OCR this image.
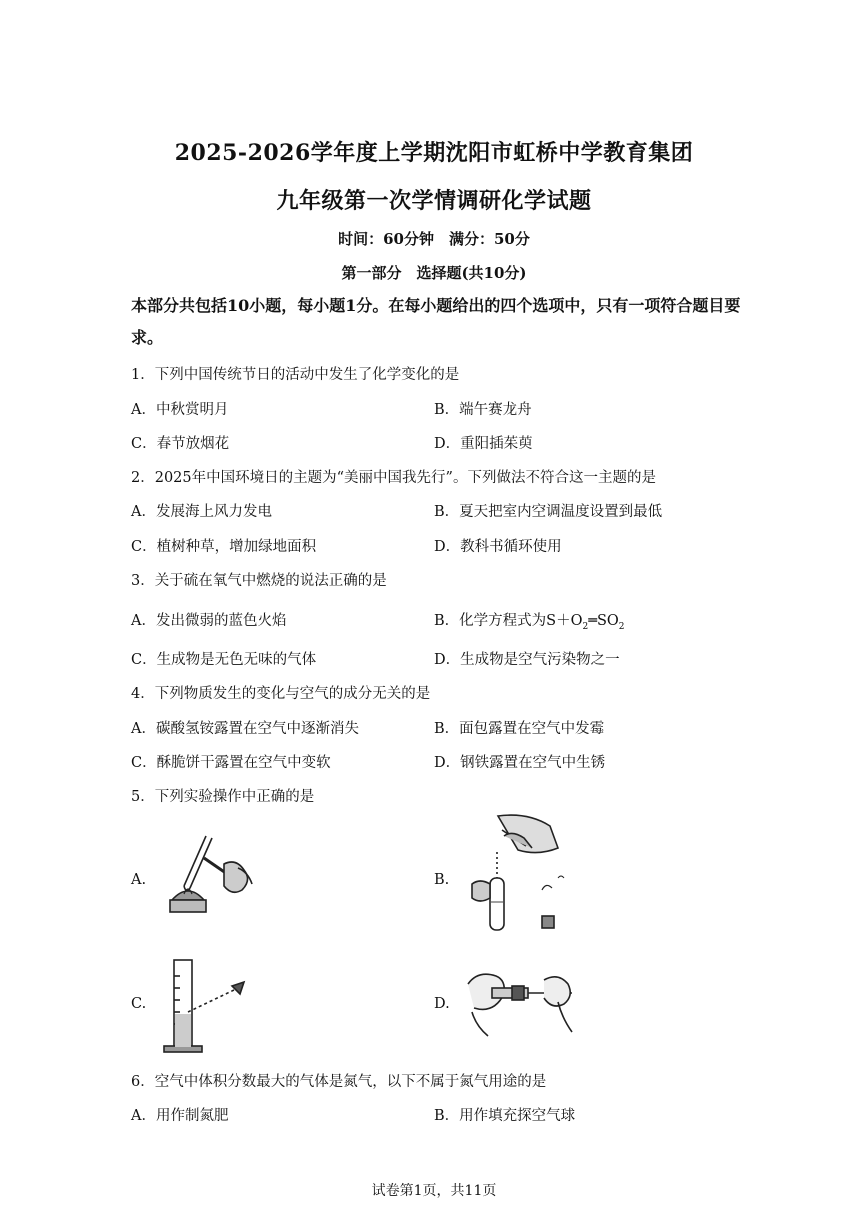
2025-2026学年度上学期沈阳市虹桥中学教育集团
九年级第一次学情调研化学试题
时间：60分钟　满分：50分
第一部分　选择题(共10分)
本部分共包括10小题，每小题1分。在每小题给出的四个选项中，只有一项符合题目要求。
1．下列中国传统节日的活动中发生了化学变化的是
A．中秋赏明月	B．端午赛龙舟
C．春节放烟花	D．重阳插茱萸
2．2025年中国环境日的主题为“美丽中国我先行”。下列做法不符合这一主题的是
A．发展海上风力发电	B．夏天把室内空调温度设置到最低
C．植树种草，增加绿地面积	D．教科书循环使用
3．关于硫在氧气中燃烧的说法正确的是
A．发出微弱的蓝色火焰	B．化学方程式为$S+O_2═SO_2$
C．生成物是无色无味的气体	D．生成物是空气污染物之一
4．下列物质发生的变化与空气的成分无关的是
A．碳酸氢铵露置在空气中逐渐消失	B．面包露置在空气中发霉
C．酥脆饼干露置在空气中变软	D．钢铁露置在空气中生锈
5．下列实验操作中正确的是
A.	B.
C.	D.
6．空气中体积分数最大的气体是氮气，以下不属于氮气用途的是
A．用作制氮肥	B．用作填充探空气球
试卷第1页，共11页
